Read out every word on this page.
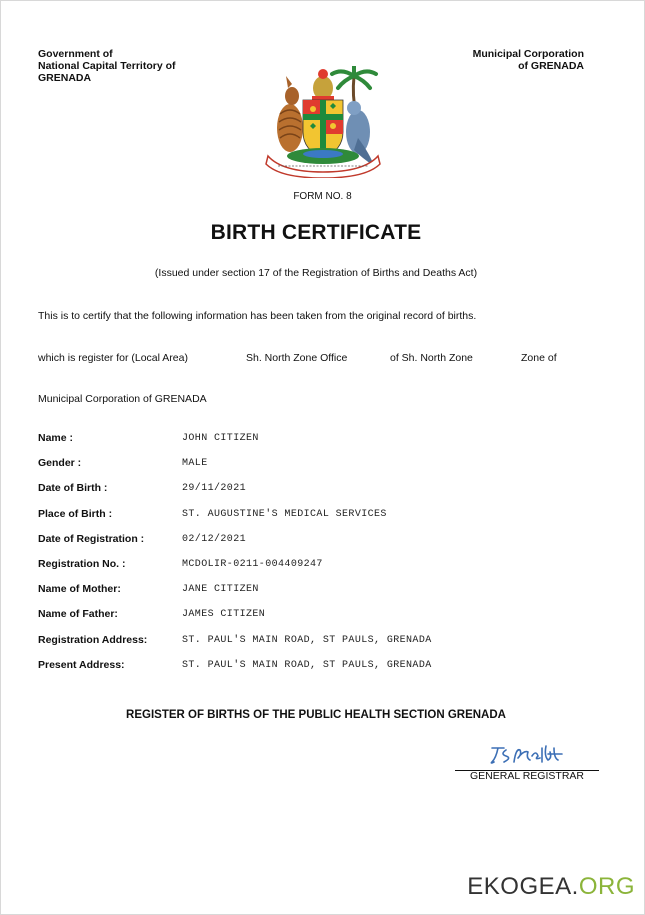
Government of
National Capital Territory of
GRENADA
Municipal Corporation
of GRENADA
FORM NO. 8
BIRTH CERTIFICATE
(Issued under section 17 of the Registration of Births and Deaths Act)
This is to certify that the following information has been taken from the original record of births.
which is register for (Local Area)	Sh. North Zone Office	of Sh. North Zone	Zone of
Municipal Corporation of GRENADA
Name :	JOHN CITIZEN
Gender :	MALE
Date of Birth :	29/11/2021
Place of Birth :	ST. AUGUSTINE'S MEDICAL SERVICES
Date of Registration :	02/12/2021
Registration No. :	MCDOLIR-0211-004409247
Name of Mother:	JANE CITIZEN
Name of Father:	JAMES CITIZEN
Registration Address:	ST. PAUL'S MAIN ROAD, ST PAULS, GRENADA
Present Address:	ST. PAUL'S MAIN ROAD, ST PAULS, GRENADA
REGISTER OF BIRTHS OF THE PUBLIC HEALTH SECTION GRENADA
GENERAL REGISTRAR
EKOGEA.ORG
